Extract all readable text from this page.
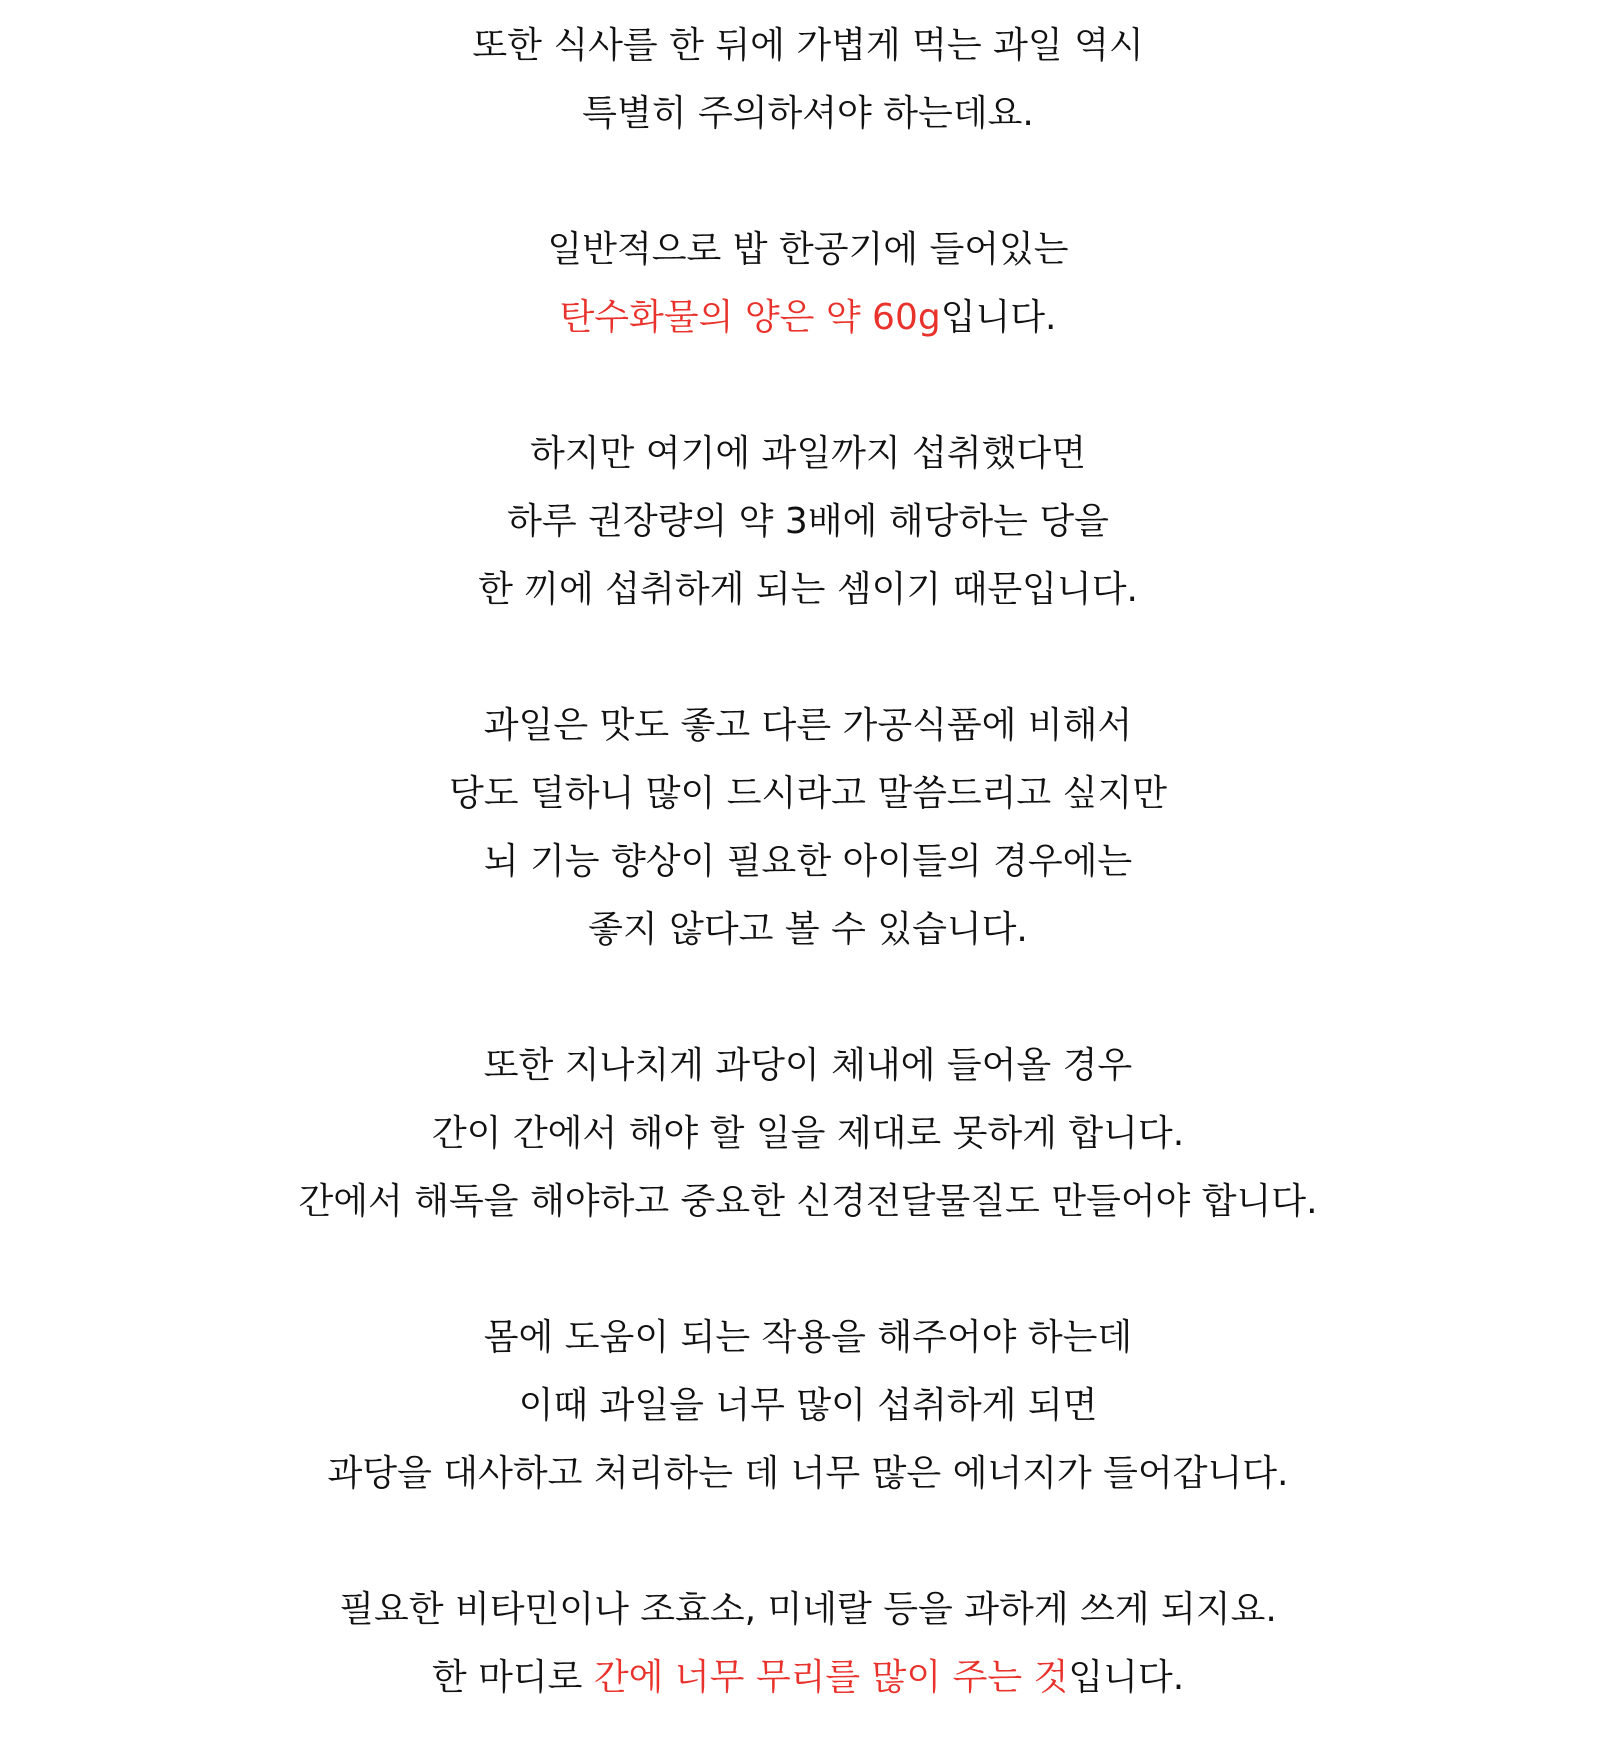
또한 식사를 한 뒤에 가볍게 먹는 과일 역시
특별히 주의하셔야 하는데요.
일반적으로 밥 한공기에 들어있는
탄수화물의 양은 약 60g입니다.
하지만 여기에 과일까지 섭취했다면
하루 권장량의 약 3배에 해당하는 당을
한 끼에 섭취하게 되는 셈이기 때문입니다.
과일은 맛도 좋고 다른 가공식품에 비해서
당도 덜하니 많이 드시라고 말씀드리고 싶지만
뇌 기능 향상이 필요한 아이들의 경우에는
좋지 않다고 볼 수 있습니다.
또한 지나치게 과당이 체내에 들어올 경우
간이 간에서 해야 할 일을 제대로 못하게 합니다.
간에서 해독을 해야하고 중요한 신경전달물질도 만들어야 합니다.
몸에 도움이 되는 작용을 해주어야 하는데
이때 과일을 너무 많이 섭취하게 되면
과당을 대사하고 처리하는 데 너무 많은 에너지가 들어갑니다.
필요한 비타민이나 조효소, 미네랄 등을 과하게 쓰게 되지요.
한 마디로 간에 너무 무리를 많이 주는 것입니다.
